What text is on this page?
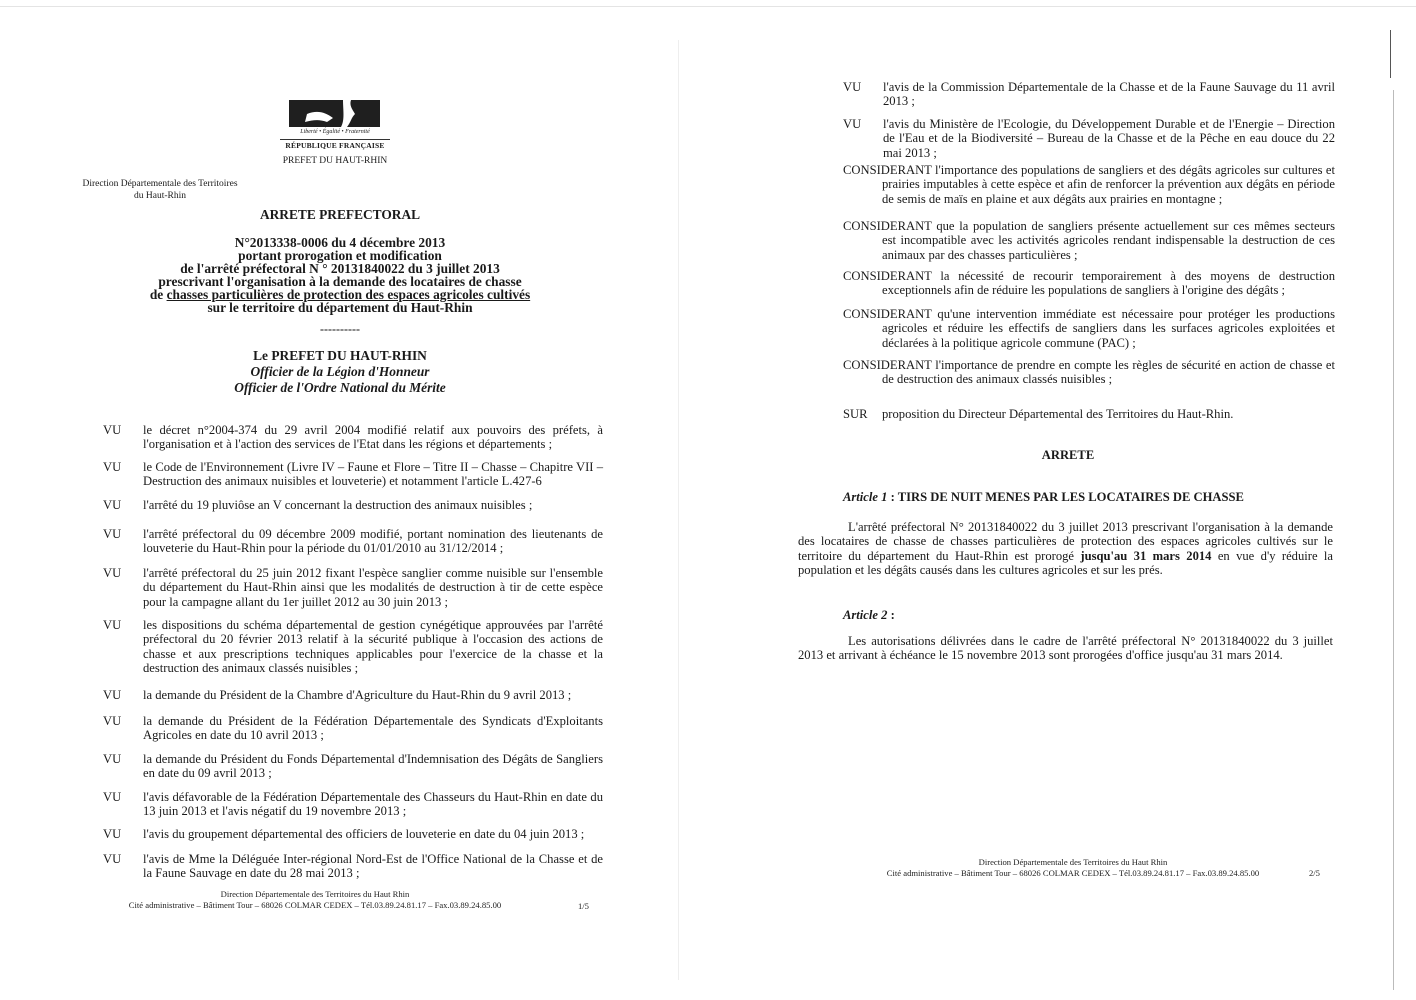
Liberté • Égalité • Fraternité
RÉPUBLIQUE FRANÇAISE
PREFET DU HAUT-RHIN
Direction Départementale des Territoires
du Haut-Rhin
ARRETE PREFECTORAL
N°2013338-0006 du 4 décembre 2013
portant prorogation et modification
de l'arrêté préfectoral N ° 20131840022 du 3 juillet 2013
prescrivant l'organisation à la demande des locataires de chasse
de chasses particulières de protection des espaces agricoles cultivés
sur le territoire du département du Haut-Rhin
----------
Le PREFET DU HAUT-RHIN
Officier de la Légion d'Honneur
Officier de l'Ordre National du Mérite
VU	le décret n°2004-374 du 29 avril 2004 modifié relatif aux pouvoirs des préfets, à l'organisation et à l'action des services de l'Etat dans les régions et départements ;
VU	le Code de l'Environnement (Livre IV – Faune et Flore – Titre II – Chasse – Chapitre VII – Destruction des animaux nuisibles et louveterie) et notamment l'article L.427-6
VU	l'arrêté du 19 pluviôse an V concernant la destruction des animaux nuisibles ;
VU	l'arrêté préfectoral du 09 décembre 2009 modifié, portant nomination des lieutenants de louveterie du Haut-Rhin pour la période du 01/01/2010 au 31/12/2014 ;
VU	l'arrêté préfectoral du 25 juin 2012 fixant l'espèce sanglier comme nuisible sur l'ensemble du département du Haut-Rhin ainsi que les modalités de destruction à tir de cette espèce pour la campagne allant du 1er juillet 2012 au 30 juin 2013 ;
VU	les dispositions du schéma départemental de gestion cynégétique approuvées par l'arrêté préfectoral du 20 février 2013 relatif à la sécurité publique à l'occasion des actions de chasse et aux prescriptions techniques applicables pour l'exercice de la chasse et la destruction des animaux classés nuisibles ;
VU	la demande du Président de la Chambre d'Agriculture du Haut-Rhin du 9 avril 2013 ;
VU	la demande du Président de la Fédération Départementale des Syndicats d'Exploitants Agricoles en date du 10 avril 2013 ;
VU	la demande du Président du Fonds Départemental d'Indemnisation des Dégâts de Sangliers en date du 09 avril 2013 ;
VU	l'avis défavorable de la Fédération Départementale des Chasseurs du Haut-Rhin en date du 13 juin 2013 et l'avis négatif du 19 novembre 2013 ;
VU	l'avis du groupement départemental des officiers de louveterie en date du 04 juin 2013 ;
VU	l'avis de Mme la Déléguée Inter-régional Nord-Est de l'Office National de la Chasse et de la Faune Sauvage en date du 28 mai 2013 ;
Direction Départementale des Territoires du Haut Rhin
Cité administrative – Bâtiment Tour – 68026 COLMAR CEDEX – Tél.03.89.24.81.17 – Fax.03.89.24.85.00	1/5
VU	l'avis de la Commission Départementale de la Chasse et de la Faune Sauvage du 11 avril 2013 ;
VU	l'avis du Ministère de l'Ecologie, du Développement Durable et de l'Energie – Direction de l'Eau et de la Biodiversité – Bureau de la Chasse et de la Pêche en eau douce du 22 mai 2013 ;
CONSIDERANT l'importance des populations de sangliers et des dégâts agricoles sur cultures et prairies imputables à cette espèce et afin de renforcer la prévention aux dégâts en période de semis de maïs en plaine et aux dégâts aux prairies en montagne ;
CONSIDERANT que la population de sangliers présente actuellement sur ces mêmes secteurs est incompatible avec les activités agricoles rendant indispensable la destruction de ces animaux par des chasses particulières ;
CONSIDERANT la nécessité de recourir temporairement à des moyens de destruction exceptionnels afin de réduire les populations de sangliers à l'origine des dégâts ;
CONSIDERANT qu'une intervention immédiate est nécessaire pour protéger les productions agricoles et réduire les effectifs de sangliers dans les surfaces agricoles exploitées et déclarées à la politique agricole commune (PAC) ;
CONSIDERANT l'importance de prendre en compte les règles de sécurité en action de chasse et de destruction des animaux classés nuisibles ;
SUR	proposition du Directeur Départemental des Territoires du Haut-Rhin.
ARRETE
Article 1 : TIRS DE NUIT MENES PAR LES LOCATAIRES DE CHASSE
L'arrêté préfectoral N° 20131840022 du 3 juillet 2013 prescrivant l'organisation à la demande des locataires de chasse de chasses particulières de protection des espaces agricoles cultivés sur le territoire du département du Haut-Rhin est prorogé jusqu'au 31 mars 2014 en vue d'y réduire la population et les dégâts causés dans les cultures agricoles et sur les prés.
Article 2 :
Les autorisations délivrées dans le cadre de l'arrêté préfectoral N° 20131840022 du 3 juillet 2013 et arrivant à échéance le 15 novembre 2013 sont prorogées d'office jusqu'au 31 mars 2014.
Direction Départementale des Territoires du Haut Rhin
Cité administrative – Bâtiment Tour – 68026 COLMAR CEDEX – Tél.03.89.24.81.17 – Fax.03.89.24.85.00	2/5
